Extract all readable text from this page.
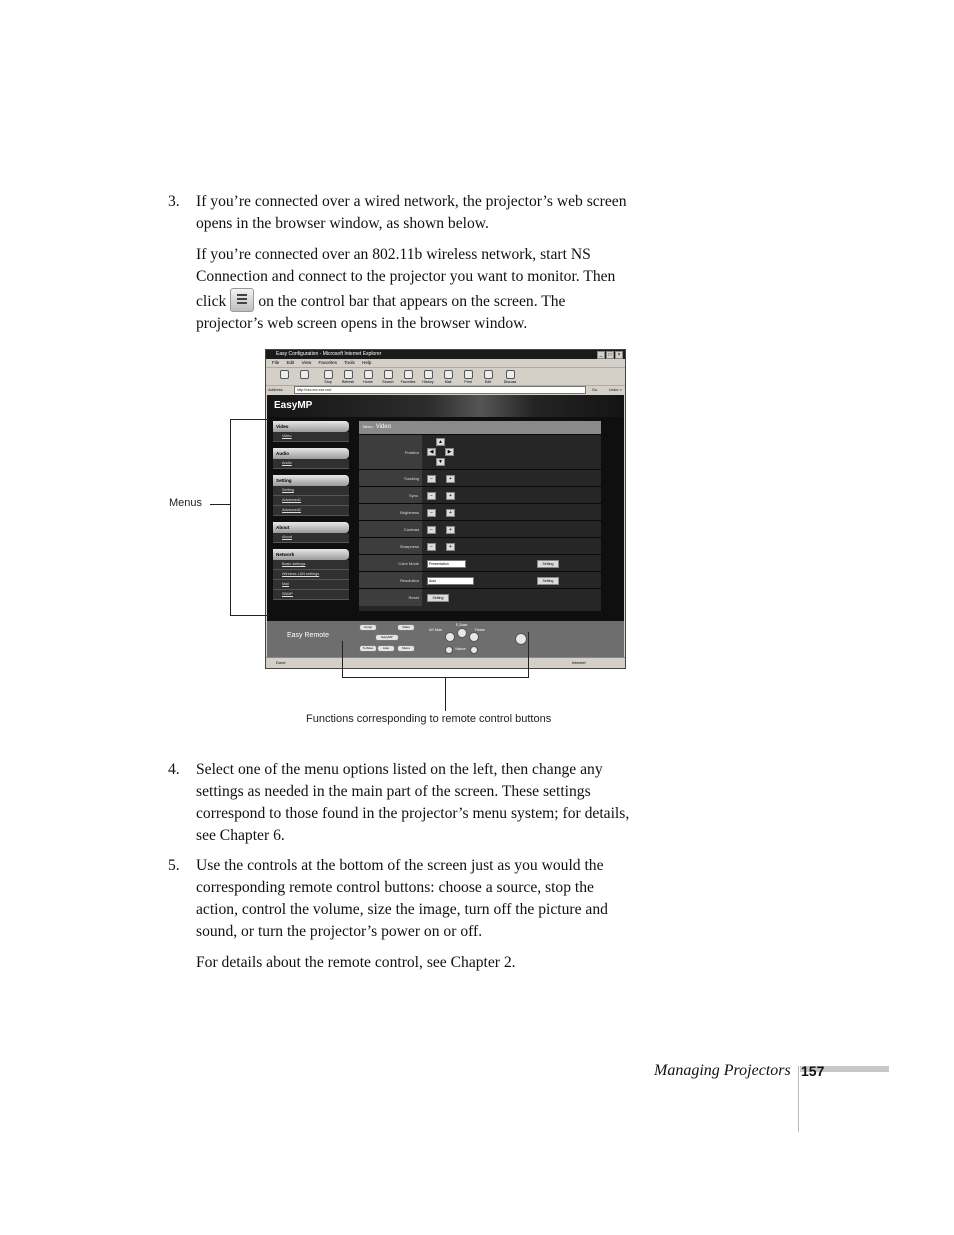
3. If you’re connected over a wired network, the projector’s web screen opens in the browser window, as shown below.
If you’re connected over an 802.11b wireless network, start NS Connection and connect to the projector you want to monitor. Then click on the control bar that appears on the screen. The projector’s web screen opens in the browser window.
Easy Configuration - Microsoft Internet Explorer	_	□	×
File Edit View Favorites Tools Help
Stop	Refresh	Home	Search	Favorites	History	Mail	Print	Edit	Discuss
Address	http://xxx.xxx.xxx.xxx/	Go	Links »
EasyMP
Video
Video
Audio
Audio
Setting
Setting
Advanced1
Advanced2
About
About
Network
Basic settings
Wireless LAN settings
Mail
SNMP
Menu:: Video
Position
▲
◀	▶
▼
Tracking	−	+
Sync.	−	+
Brightness	−	+
Contrast	−	+
Sharpness	−	+
Color Mode	Presentation	Setting
Resolution	Auto	Setting
Reset	Setting
Easy Remote
Comp	Video
EasyMP
S-Video	Auto	Menu
A/V Mute
E-Zoom
Freeze
Volume
Done	Internet
Menus
Functions corresponding to remote control buttons
4. Select one of the menu options listed on the left, then change any settings as needed in the main part of the screen. These settings correspond to those found in the projector’s menu system; for details, see Chapter 6.
5. Use the controls at the bottom of the screen just as you would the corresponding remote control buttons: choose a source, stop the action, control the volume, size the image, turn off the picture and sound, or turn the projector’s power on or off.
For details about the remote control, see Chapter 2.
Managing Projectors 157
